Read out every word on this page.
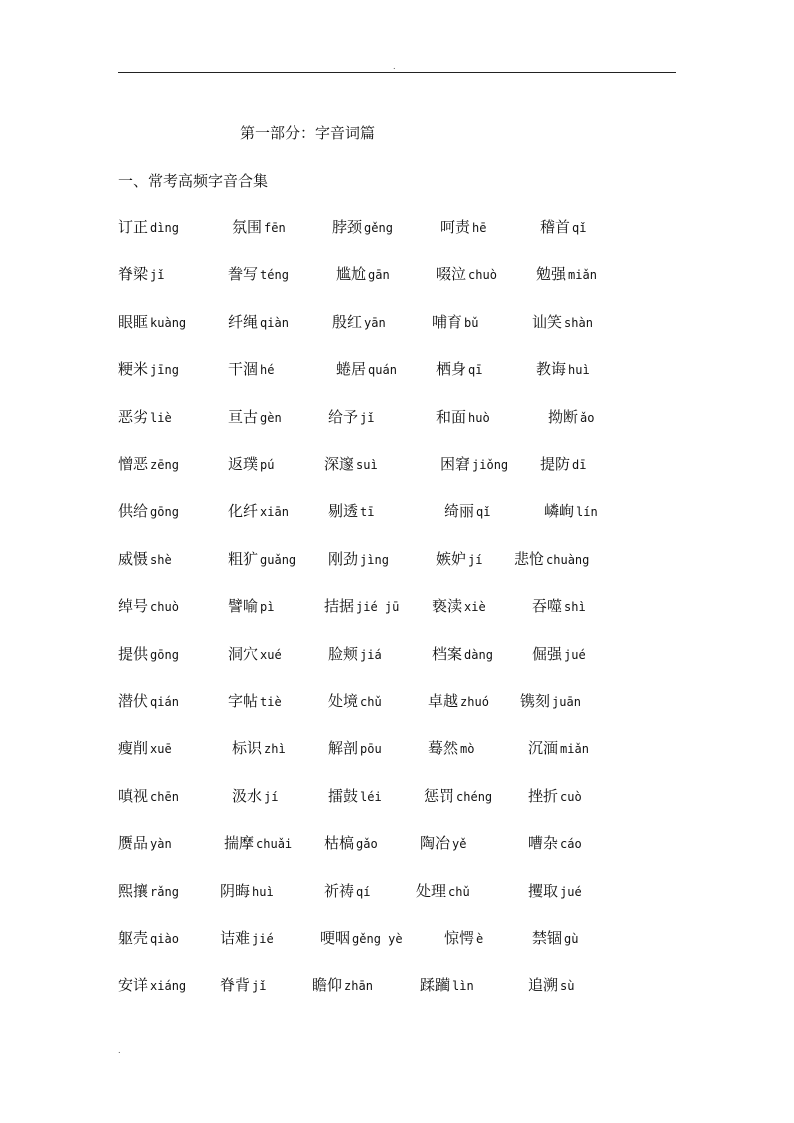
.
第一部分：字音词篇
一、常考高频字音合集
订正 dìng	氛围 fēn	脖颈 gěng	呵责 hē	稽首 qǐ
脊梁 jǐ	誊写 téng	尴尬 gān	啜泣 chuò	勉强 miǎn
眼眶 kuàng	纤绳 qiàn	殷红 yān	哺育 bǔ	讪笑 shàn
粳米 jīng	干涸 hé	蜷居 quán	栖身 qī	教诲 huì
恶劣 liè	亘古 gèn	给予 jǐ	和面 huò	拗断 ǎo
憎恶 zēng	返璞 pú	深邃 suì	困窘 jiǒng 提防 dī
供给 gōng	化纤 xiān	剔透 tī	绮丽 qǐ	嶙峋 lín
威慑 shè	粗犷 guǎng 刚劲 jìng	嫉妒 jí 悲怆 chuàng
绰号 chuò	譬喻 pì	拮据 jié jū 亵渎 xiè	吞噬 shì
提供 gōng	洞穴 xué	脸颊 jiá	档案 dàng	倔强 jué
潜伏 qián	字帖 tiè	处境 chǔ	卓越 zhuó 镌刻 juān
瘦削 xuē	标识 zhì	解剖 pōu	蓦然 mò	沉湎 miǎn
嗔视 chēn	汲水 jí	擂鼓 léi	惩罚 chéng 挫折 cuò
赝品 yàn	揣摩 chuǎi 枯槁 gǎo	陶冶 yě	嘈杂 cáo
熙攘 rǎng	阴晦 huì	祈祷 qí	处理 chǔ	攫取 jué
躯壳 qiào	诘难 jié	哽咽 gěng yè	惊愕 è	禁锢 gù
安详 xiáng 脊背 jǐ	瞻仰 zhān	蹂躏 lìn	追溯 sù
.
